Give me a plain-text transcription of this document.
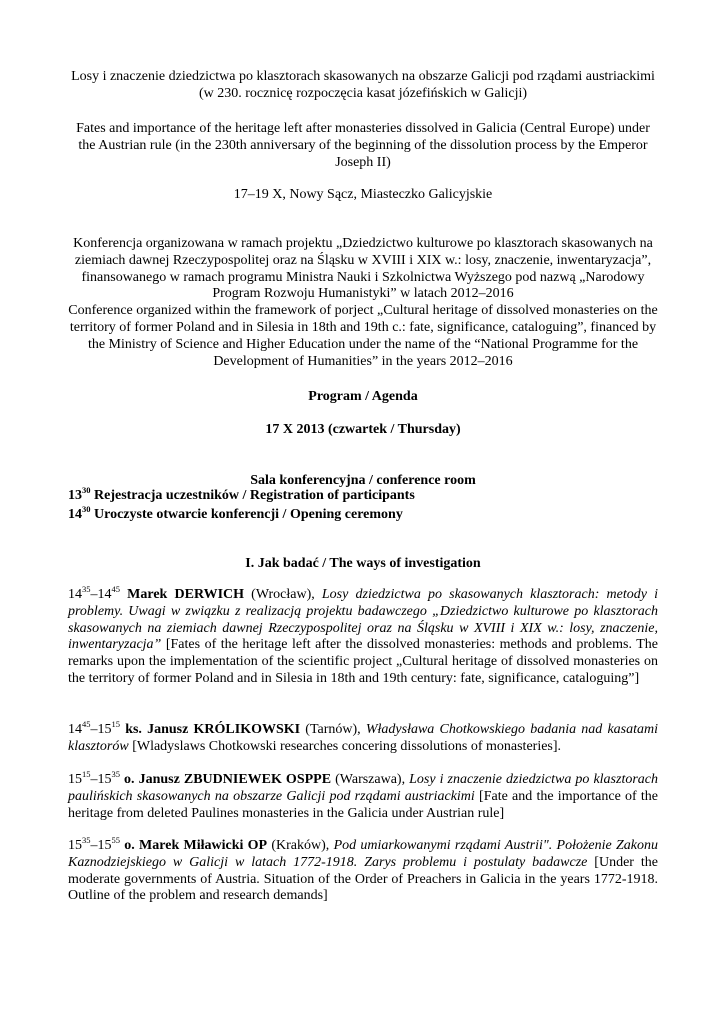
Losy i znaczenie dziedzictwa po klasztorach skasowanych na obszarze Galicji pod rządami austriackimi (w 230. rocznicę rozpoczęcia kasat józefińskich w Galicji)

Fates and importance of the heritage left after monasteries dissolved in Galicia (Central Europe) under the Austrian rule (in the 230th anniversary of the beginning of the dissolution process by the Emperor Joseph II)

17–19 X, Nowy Sącz, Miasteczko Galicyjskie

Konferencja organizowana w ramach projektu „Dziedzictwo kulturowe po klasztorach skasowanych na ziemiach dawnej Rzeczypospolitej oraz na Śląsku w XVIII i XIX w.: losy, znaczenie, inwentaryzacja”, finansowanego w ramach programu Ministra Nauki i Szkolnictwa Wyższego pod nazwą „Narodowy Program Rozwoju Humanistyki” w latach 2012–2016

Conference organized within the framework of porject „Cultural heritage of dissolved monasteries on the territory of former Poland and in Silesia in 18th and 19th c.: fate, significance, cataloguing”, financed by the Ministry of Science and Higher Education under the name of the “National Programme for the Development of Humanities” in the years 2012–2016

Program / Agenda

17 X 2013 (czwartek / Thursday)

Sala konferencyjna / conference room

$13^{30}$ Rejestracja uczestników / Registration of participants

$14^{30}$ Uroczyste otwarcie konferencji / Opening ceremony

I. Jak badać / The ways of investigation

$14^{35}-14^{45}$ Marek DERWICH (Wrocław), Losy dziedzictwa po skasowanych klasztorach: metody i problemy. Uwagi w związku z realizacją projektu badawczego „Dziedzictwo kulturowe po klasztorach skasowanych na ziemiach dawnej Rzeczypospolitej oraz na Śląsku w XVIII i XIX w.: losy, znaczenie, inwentaryzacja” [Fates of the heritage left after the dissolved monasteries: methods and problems. The remarks upon the implementation of the scientific project „Cultural heritage of dissolved monasteries on the territory of former Poland and in Silesia in 18th and 19th century: fate, significance, cataloguing”]

$14^{45}-15^{15}$ ks. Janusz KRÓLIKOWSKI (Tarnów), Władysława Chotkowskiego badania nad kasatami klasztorów [Wladyslaws Chotkowski researches concering dissolutions of monasteries].

$15^{15}-15^{35}$ o. Janusz ZBUDNIEWEK OSPPE (Warszawa), Losy i znaczenie dziedzictwa po klasztorach paulińskich skasowanych na obszarze Galicji pod rządami austriackimi [Fate and the importance of the heritage from deleted Paulines monasteries in the Galicia under Austrian rule]

$15^{35}-15^{55}$ o. Marek Miławicki OP (Kraków), Pod umiarkowanymi rządami Austrii". Położenie Zakonu Kaznodziejskiego w Galicji w latach 1772-1918. Zarys problemu i postulaty badawcze [Under the moderate governments of Austria. Situation of the Order of Preachers in Galicia in the years 1772-1918. Outline of the problem and research demands]
